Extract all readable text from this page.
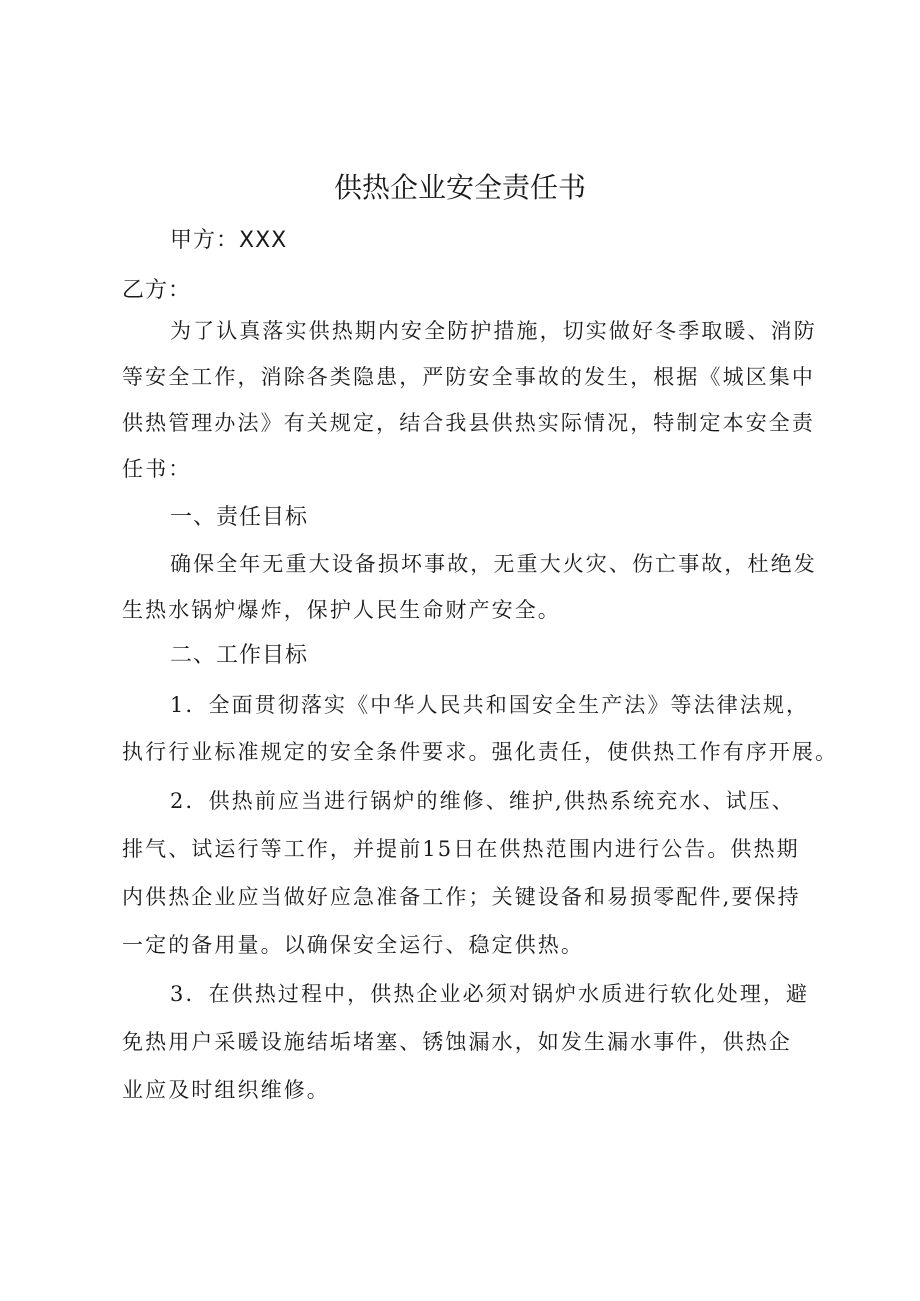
供热企业安全责任书
甲方：XXX
乙方：
为了认真落实供热期内安全防护措施，切实做好冬季取暖、消防
等安全工作，消除各类隐患，严防安全事故的发生，根据《城区集中
供热管理办法》有关规定，结合我县供热实际情况，特制定本安全责
任书：
一、责任目标
确保全年无重大设备损坏事故，无重大火灾、伤亡事故，杜绝发
生热水锅炉爆炸，保护人民生命财产安全。
二、工作目标
1．全面贯彻落实《中华人民共和国安全生产法》等法律法规，
执行行业标准规定的安全条件要求。强化责任，使供热工作有序开展。
2．供热前应当进行锅炉的维修、维护,供热系统充水、试压、
排气、试运行等工作，并提前15日在供热范围内进行公告。供热期
内供热企业应当做好应急准备工作；关键设备和易损零配件,要保持
一定的备用量。以确保安全运行、稳定供热。
3．在供热过程中，供热企业必须对锅炉水质进行软化处理，避
免热用户采暖设施结垢堵塞、锈蚀漏水，如发生漏水事件，供热企
业应及时组织维修。
